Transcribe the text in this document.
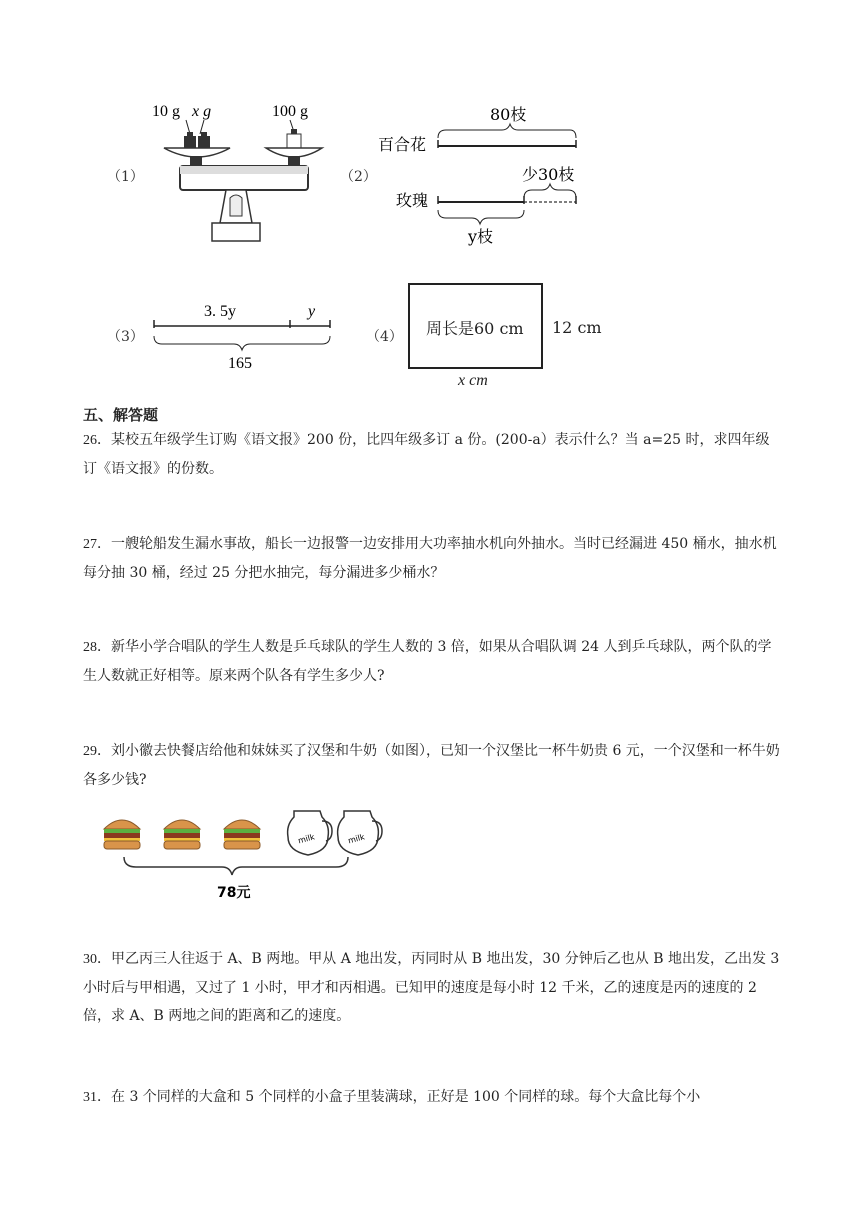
（1）
10 g x g	100 g
（2）
80枝
百合花
少30枝
玫瑰
y枝
（3）
3. 5y	y
165
（4） 周长是60 cm 12 cm
x cm
五、解答题
26．某校五年级学生订购《语文报》200 份，比四年级多订 a 份。(200-a）表示什么？当 a=25 时，求四年级订《语文报》的份数。
27．一艘轮船发生漏水事故，船长一边报警一边安排用大功率抽水机向外抽水。当时已经漏进 450 桶水，抽水机每分抽 30 桶，经过 25 分把水抽完，每分漏进多少桶水？
28．新华小学合唱队的学生人数是乒乓球队的学生人数的 3 倍，如果从合唱队调 24 人到乒乓球队，两个队的学生人数就正好相等。原来两个队各有学生多少人?
29．刘小徽去快餐店给他和妹妹买了汉堡和牛奶（如图），已知一个汉堡比一杯牛奶贵 6 元，一个汉堡和一杯牛奶各多少钱?
milk	milk
78元
30．甲乙丙三人往返于 A、B 两地。甲从 A 地出发，丙同时从 B 地出发，30 分钟后乙也从 B 地出发，乙出发 3 小时后与甲相遇，又过了 1 小时，甲才和丙相遇。已知甲的速度是每小时 12 千米，乙的速度是丙的速度的 2 倍，求 A、B 两地之间的距离和乙的速度。
31．在 3 个同样的大盒和 5 个同样的小盒子里装满球，正好是 100 个同样的球。每个大盒比每个小
